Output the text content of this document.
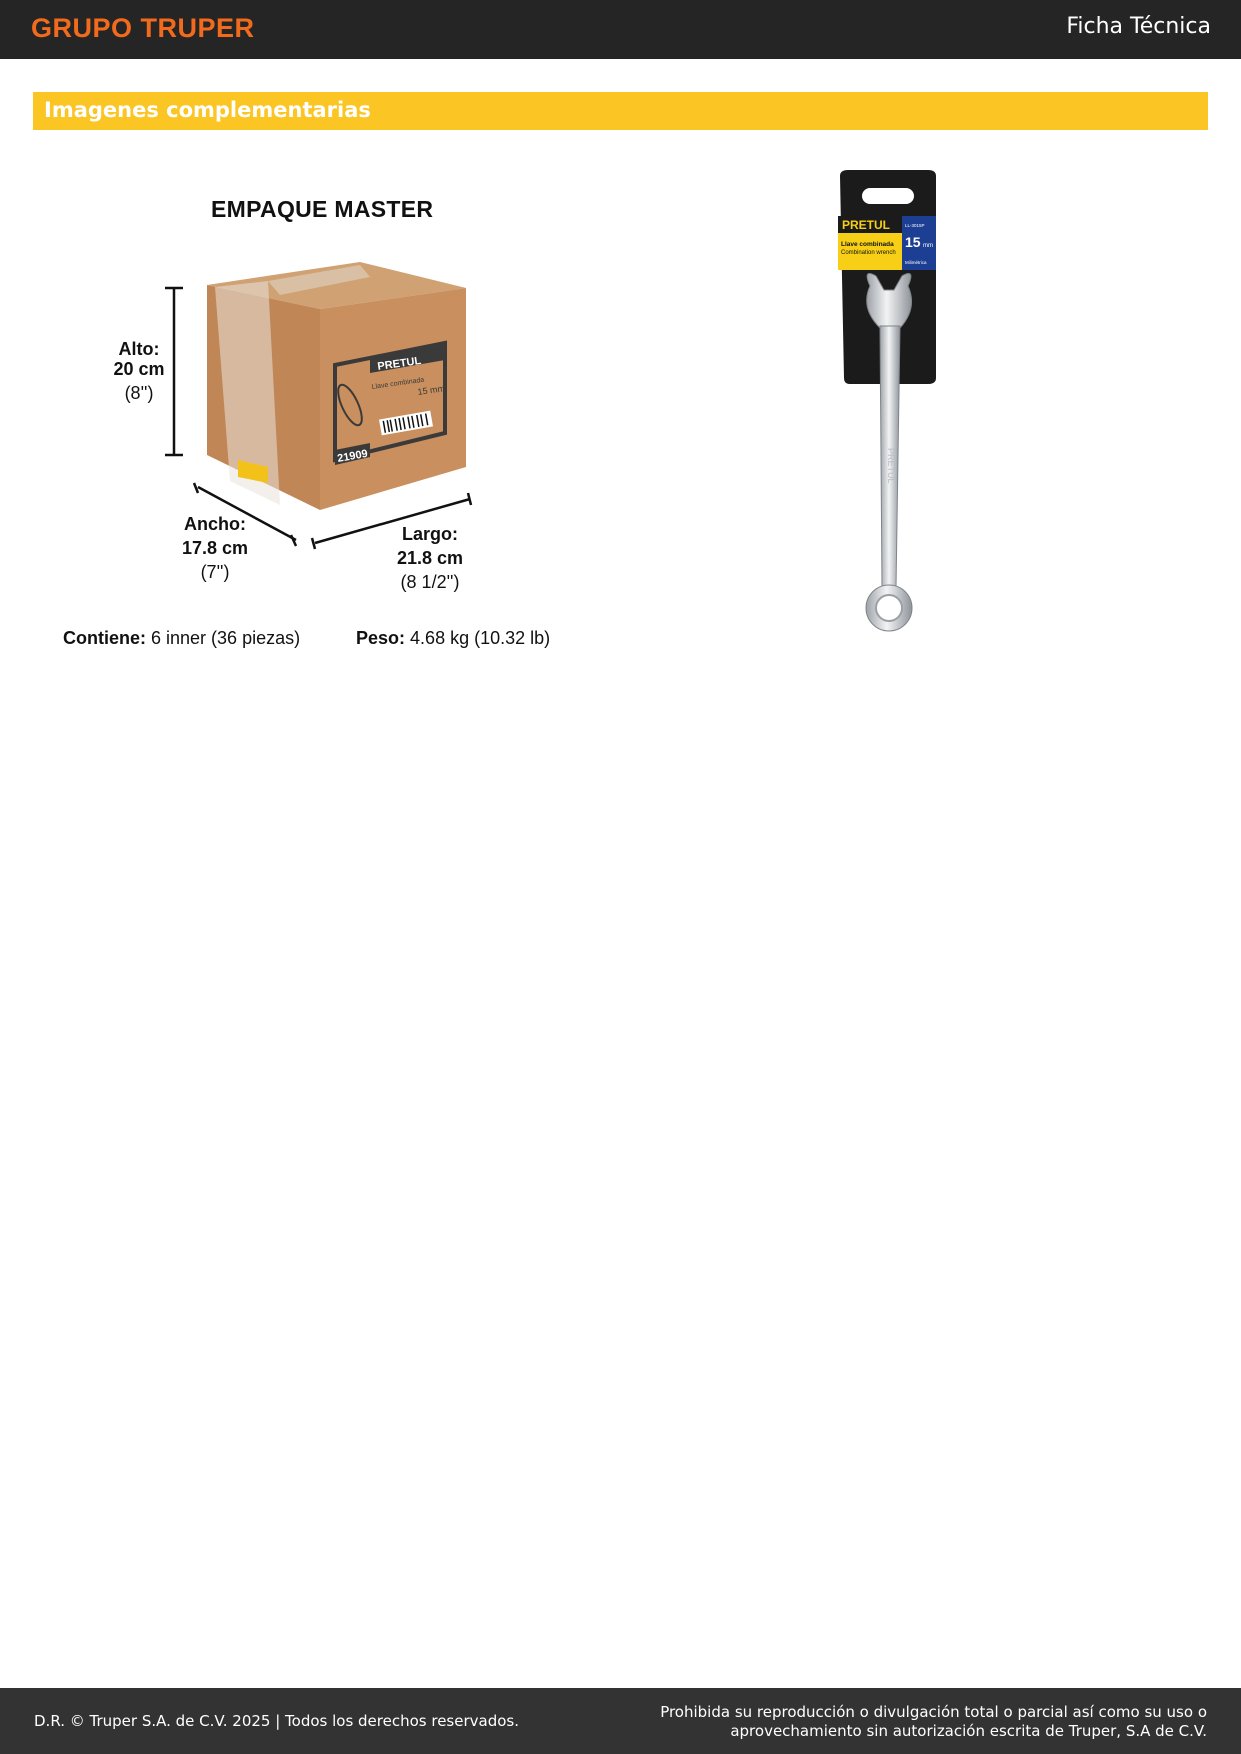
GRUPO TRUPER	Ficha Técnica
Imagenes complementarias
EMPAQUE MASTER
PRETUL
Llave combinada
15 mm
21909
Alto:
20 cm
(8'')
Ancho:
17.8 cm
(7'')
Largo:
21.8 cm
(8 1/2'')
Contiene: 6 inner (36 piezas)	Peso: 4.68 kg (10.32 lb)
PRETUL
Llave combinada
Combination wrench
LL-3015P
15 mm
Milimétrica
PRETUL
D.R. © Truper S.A. de C.V. 2025 | Todos los derechos reservados.	Prohibida su reproducción o divulgación total o parcial así como su uso o
aprovechamiento sin autorización escrita de Truper, S.A de C.V.
